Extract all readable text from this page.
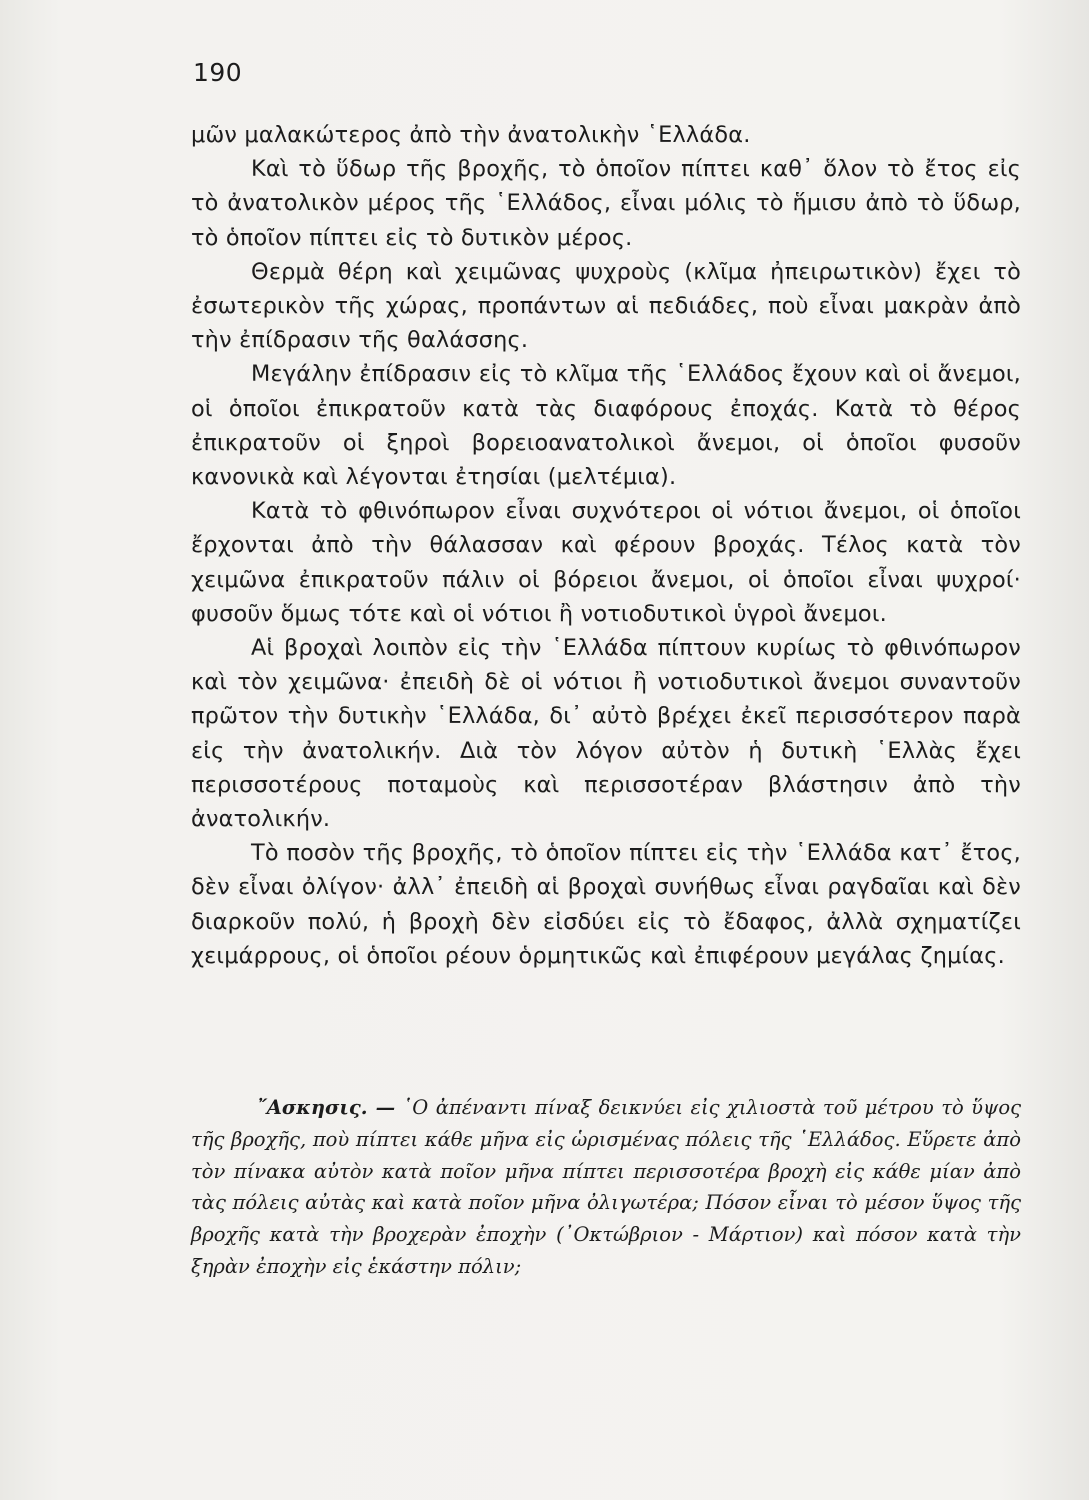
190

μῶν μαλακώτερος ἀπὸ τὴν ἀνατολικὴν ῾Ελλάδα.

Καὶ τὸ ὕδωρ τῆς βροχῆς, τὸ ὁποῖον πίπτει καθ᾿ ὅλον τὸ ἔτος εἰς τὸ ἀνατολικὸν μέρος τῆς ῾Ελλάδος, εἶναι μόλις τὸ ἥμισυ ἀπὸ τὸ ὕδωρ, τὸ ὁποῖον πίπτει εἰς τὸ δυτικὸν μέρος.

Θερμὰ θέρη καὶ χειμῶνας ψυχροὺς (κλῖμα ἠπειρωτικὸν) ἔχει τὸ ἐσωτερικὸν τῆς χώρας, προπάντων αἱ πεδιάδες, ποὺ εἶναι μακρὰν ἀπὸ τὴν ἐπίδρασιν τῆς θαλάσσης.

Μεγάλην ἐπίδρασιν εἰς τὸ κλῖμα τῆς ῾Ελλάδος ἔχουν καὶ οἱ ἄνεμοι, οἱ ὁποῖοι ἐπικρατοῦν κατὰ τὰς διαφόρους ἐποχάς. Κατὰ τὸ θέρος ἐπικρατοῦν οἱ ξηροὶ βορειοανατολικοὶ ἄνεμοι, οἱ ὁποῖοι φυσοῦν κανονικὰ καὶ λέγονται ἐτησίαι (μελτέμια).

Κατὰ τὸ φθινόπωρον εἶναι συχνότεροι οἱ νότιοι ἄνεμοι, οἱ ὁποῖοι ἔρχονται ἀπὸ τὴν θάλασσαν καὶ φέρουν βροχάς. Τέλος κατὰ τὸν χειμῶνα ἐπικρατοῦν πάλιν οἱ βόρειοι ἄνεμοι, οἱ ὁποῖοι εἶναι ψυχροί· φυσοῦν ὅμως τότε καὶ οἱ νότιοι ἢ νοτιοδυτικοὶ ὑγροὶ ἄνεμοι.

Αἱ βροχαὶ λοιπὸν εἰς τὴν ῾Ελλάδα πίπτουν κυρίως τὸ φθινόπωρον καὶ τὸν χειμῶνα· ἐπειδὴ δὲ οἱ νότιοι ἢ νοτιοδυτικοὶ ἄνεμοι συναντοῦν πρῶτον τὴν δυτικὴν ῾Ελλάδα, δι᾿ αὐτὸ βρέχει ἐκεῖ περισσότερον παρὰ εἰς τὴν ἀνατολικήν. Διὰ τὸν λόγον αὐτὸν ἡ δυτικὴ ῾Ελλὰς ἔχει περισσοτέρους ποταμοὺς καὶ περισσοτέραν βλάστησιν ἀπὸ τὴν ἀνατολικήν.

Τὸ ποσὸν τῆς βροχῆς, τὸ ὁποῖον πίπτει εἰς τὴν ῾Ελλάδα κατ᾿ ἔτος, δὲν εἶναι ὀλίγον· ἀλλ᾿ ἐπειδὴ αἱ βροχαὶ συνήθως εἶναι ραγδαῖαι καὶ δὲν διαρκοῦν πολύ, ἡ βροχὴ δὲν εἰσδύει εἰς τὸ ἔδαφος, ἀλλὰ σχηματίζει χειμάρρους, οἱ ὁποῖοι ρέουν ὁρμητικῶς καὶ ἐπιφέρουν μεγάλας ζημίας.

῎Ασκησις. — ῾Ο ἀπέναντι πίναξ δεικνύει εἰς χιλιοστὰ τοῦ μέτρου τὸ ὕψος τῆς βροχῆς, ποὺ πίπτει κάθε μῆνα εἰς ὡρισμένας πόλεις τῆς ῾Ελλάδος. Εὕρετε ἀπὸ τὸν πίνακα αὐτὸν κατὰ ποῖον μῆνα πίπτει περισσοτέρα βροχὴ εἰς κάθε μίαν ἀπὸ τὰς πόλεις αὐτὰς καὶ κατὰ ποῖον μῆνα ὀλιγωτέρα; Πόσον εἶναι τὸ μέσον ὕψος τῆς βροχῆς κατὰ τὴν βροχερὰν ἐποχὴν (᾿Οκτώβριον - Μάρτιον) καὶ πόσον κατὰ τὴν ξηρὰν ἐποχὴν εἰς ἑκάστην πόλιν;
